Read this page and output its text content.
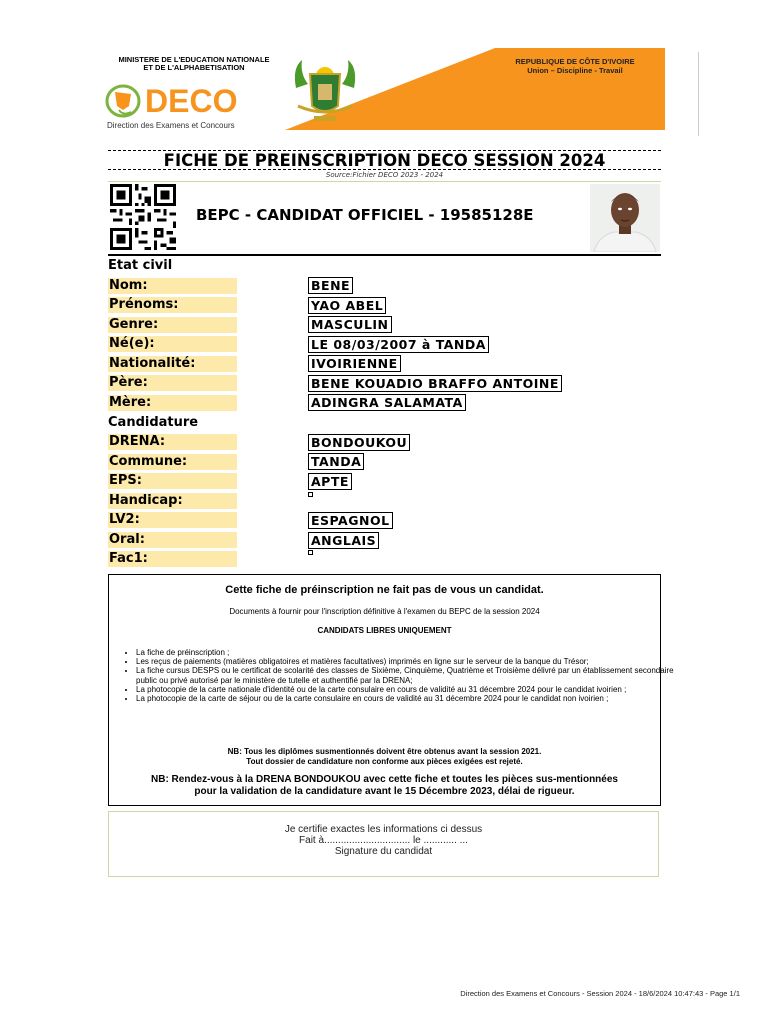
MINISTERE DE L'EDUCATION NATIONALE
ET DE L'ALPHABETISATION
DECO
Direction des Examens et Concours
REPUBLIQUE DE CÔTE D'IVOIRE
Union – Discipline - Travail
FICHE DE PREINSCRIPTION DECO SESSION 2024
Source:Fichier DECO 2023 - 2024
BEPC - CANDIDAT OFFICIEL - 19585128E
Etat civil
Nom:	BENE
Prénoms:	YAO ABEL
Genre:	MASCULIN
Né(e):	LE 08/03/2007 à TANDA
Nationalité:	IVOIRIENNE
Père:	BENE KOUADIO BRAFFO ANTOINE
Mère:	ADINGRA SALAMATA
Candidature
DRENA:	BONDOUKOU
Commune:	TANDA
EPS:	APTE
Handicap:
LV2:	ESPAGNOL
Oral:	ANGLAIS
Fac1:
Cette fiche de préinscription ne fait pas de vous un candidat.
Documents à fournir pour l'inscription définitive à l'examen du BEPC de la session 2024
CANDIDATS LIBRES UNIQUEMENT
• La fiche de préinscription ;
• Les reçus de paiements (matières obligatoires et matières facultatives) imprimés en ligne sur le serveur de la banque du Trésor;
• La fiche cursus DESPS ou le certificat de scolarité des classes de Sixième, Cinquième, Quatrième et Troisième délivré par un établissement secondaire public ou privé autorisé par le ministère de tutelle et authentifié par la DRENA;
• La photocopie de la carte nationale d'identité ou de la carte consulaire en cours de validité au 31 décembre 2024 pour le candidat ivoirien ;
• La photocopie de la carte de séjour ou de la carte consulaire en cours de validité au 31 décembre 2024 pour le candidat non ivoirien ;
NB: Tous les diplômes susmentionnés doivent être obtenus avant la session 2021.
Tout dossier de candidature non conforme aux pièces exigées est rejeté.
NB: Rendez-vous à la DRENA BONDOUKOU avec cette fiche et toutes les pièces sus-mentionnées
pour la validation de la candidature avant le 15 Décembre 2023, délai de rigueur.
Je certifie exactes les informations ci dessus
Fait à............................... le ............ ...
Signature du candidat
Direction des Examens et Concours - Session 2024 - 18/6/2024 10:47:43 - Page 1/1
